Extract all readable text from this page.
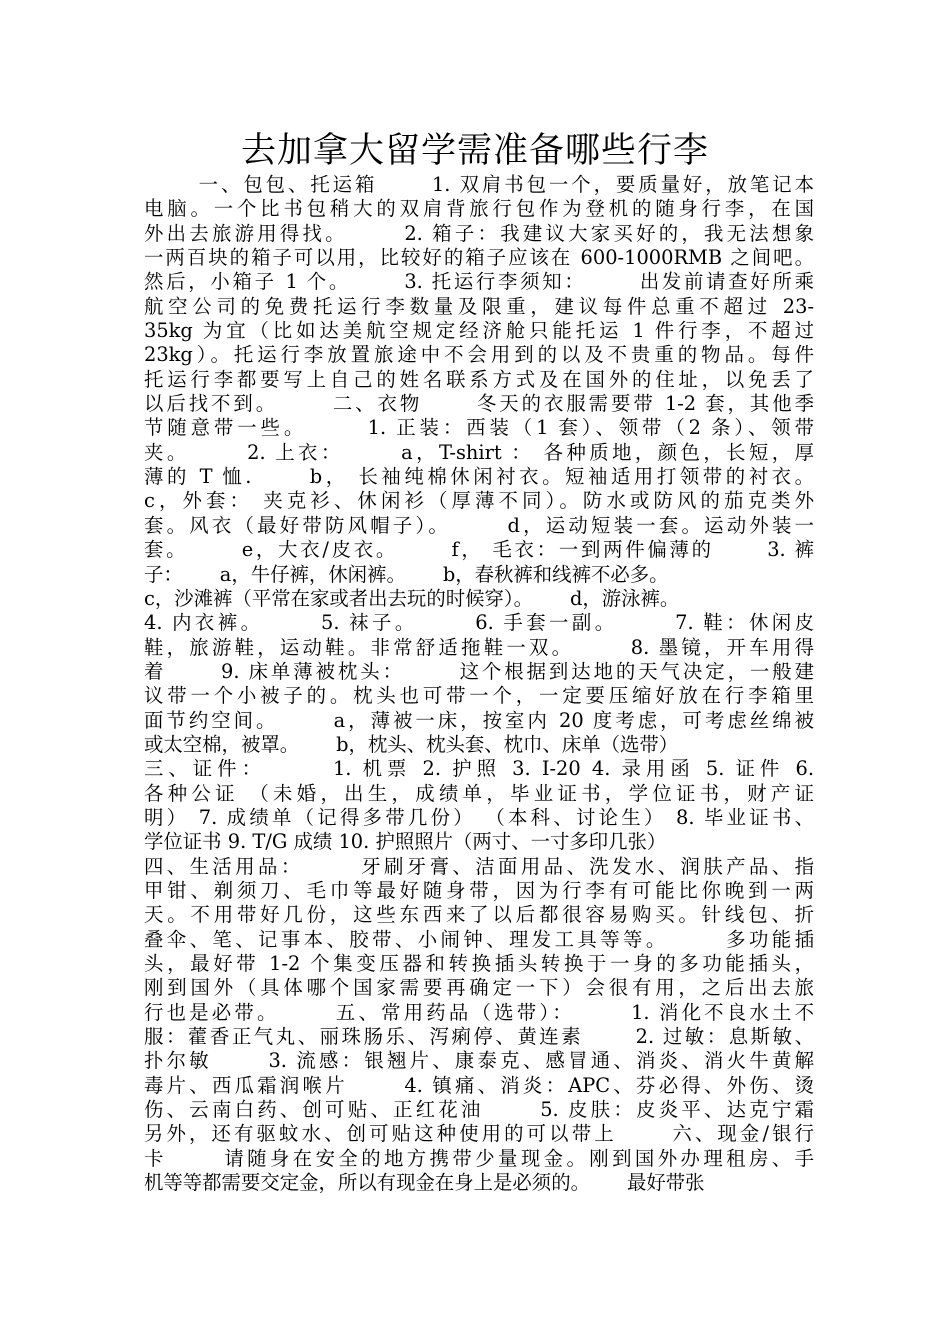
去加拿大留学需准备哪些行李
一、包包、托运箱      1. 双肩书包一个，要质量好，放笔记本
电脑。一个比书包稍大的双肩背旅行包作为登机的随身行李，在国
外出去旅游用得找。      2. 箱子：我建议大家买好的，我无法想象
一两百块的箱子可以用，比较好的箱子应该在 600-1000RMB 之间吧。
然后，小箱子 1 个。      3. 托运行李须知：      出发前请查好所乘
航空公司的免费托运行李数量及限重，建议每件总重不超过 23-
35kg 为宜（比如达美航空规定经济舱只能托运 1 件行李，不超过
23kg）。托运行李放置旅途中不会用到的以及不贵重的物品。每件
托运行李都要写上自己的姓名联系方式及在国外的住址，以免丢了
以后找不到。      二、衣物      冬天的衣服需要带 1-2 套，其他季
节随意带一些。      1. 正装：西装（1 套）、领带（2 条）、领带
夹。      2. 上衣：      a，T-shirt ： 各种质地，颜色，长短，厚
薄的 T 恤.      b， 长袖纯棉休闲衬衣。短袖适用打领带的衬衣。
c，外套： 夹克衫、休闲衫（厚薄不同）。防水或防风的茄克类外
套。风衣（最好带防风帽子）。      d，运动短装一套。运动外装一
套。      e，大衣/皮衣。      f， 毛衣：一到两件偏薄的      3. 裤
子：      a，牛仔裤，休闲裤。      b，春秋裤和线裤不必多。
c，沙滩裤（平常在家或者出去玩的时候穿）。      d，游泳裤。
4. 内衣裤。      5. 袜子。      6. 手套一副。      7. 鞋：休闲皮
鞋，旅游鞋，运动鞋。非常舒适拖鞋一双。      8. 墨镜，开车用得
着      9. 床单薄被枕头：      这个根据到达地的天气决定，一般建
议带一个小被子的。枕头也可带一个，一定要压缩好放在行李箱里
面节约空间。      a，薄被一床，按室内 20 度考虑，可考虑丝绵被
或太空棉，被罩。      b，枕头、枕头套、枕巾、床单（选带）
三、证件：      1. 机票 2. 护照 3. I-20 4. 录用函 5. 证件 6.
各种公证 （未婚，出生，成绩单，毕业证书，学位证书，财产证
明） 7. 成绩单（记得多带几份） （本科、讨论生） 8. 毕业证书、
学位证书 9. T/G 成绩 10. 护照照片（两寸、一寸多印几张）
四、生活用品：      牙刷牙膏、洁面用品、洗发水、润肤产品、指
甲钳、剃须刀、毛巾等最好随身带，因为行李有可能比你晚到一两
天。不用带好几份，这些东西来了以后都很容易购买。针线包、折
叠伞、笔、记事本、胶带、小闹钟、理发工具等等。      多功能插
头，最好带 1-2 个集变压器和转换插头转换于一身的多功能插头，
刚到国外（具体哪个国家需要再确定一下）会很有用，之后出去旅
行也是必带。      五、常用药品（选带）：      1. 消化不良水土不
服：藿香正气丸、丽珠肠乐、泻痢停、黄连素      2. 过敏：息斯敏、
扑尔敏      3. 流感：银翘片、康泰克、感冒通、消炎、消火牛黄解
毒片、西瓜霜润喉片      4. 镇痛、消炎：APC、芬必得、外伤、烫
伤、云南白药、创可贴、正红花油      5. 皮肤：皮炎平、达克宁霜
另外，还有驱蚊水、创可贴这种使用的可以带上      六、现金/银行
卡      请随身在安全的地方携带少量现金。刚到国外办理租房、手
机等等都需要交定金，所以有现金在身上是必须的。      最好带张
